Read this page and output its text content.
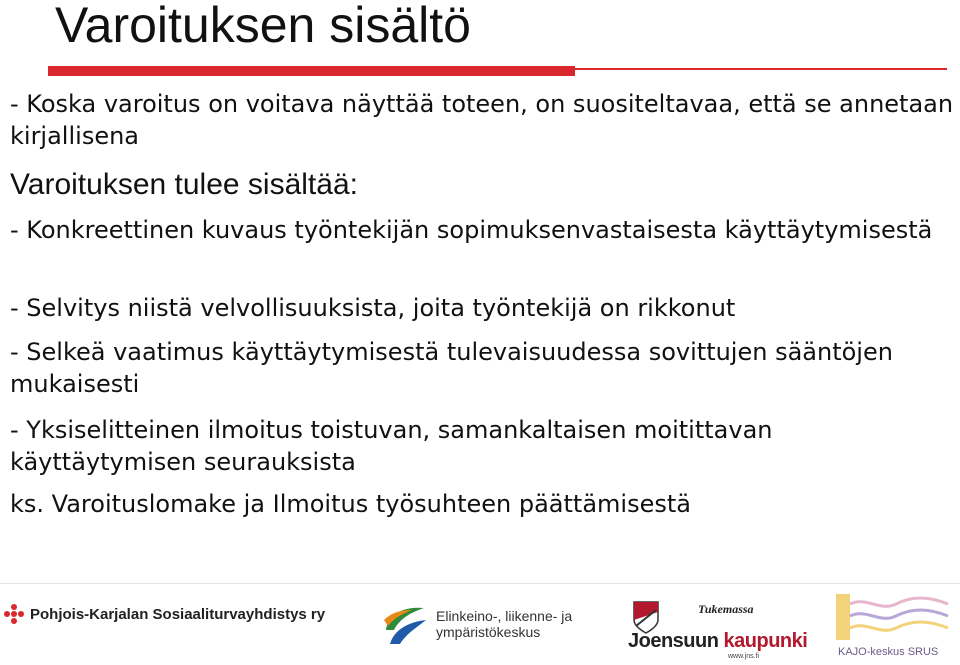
Varoituksen sisältö

- Koska varoitus on voitava näyttää toteen, on suositeltavaa, että se annetaan kirjallisena

Varoituksen tulee sisältää:

- Konkreettinen kuvaus työntekijän sopimuksenvastaisesta käyttäytymisestä

- Selvitys niistä velvollisuuksista, joita työntekijä on rikkonut

- Selkeä vaatimus käyttäytymisestä tulevaisuudessa sovittujen sääntöjen mukaisesti

- Yksiselitteinen ilmoitus toistuvan, samankaltaisen moitittavan käyttäytymisen seurauksista

ks. Varoituslomake ja Ilmoitus työsuhteen päättämisestä

Pohjois-Karjalan Sosiaaliturvayhdistys ry	Elinkeino-, liikenne- ja
ympäristökeskus
Tukemassa
Joensuun kaupunki
www.jns.fi	KAJO-keskus SRUS
